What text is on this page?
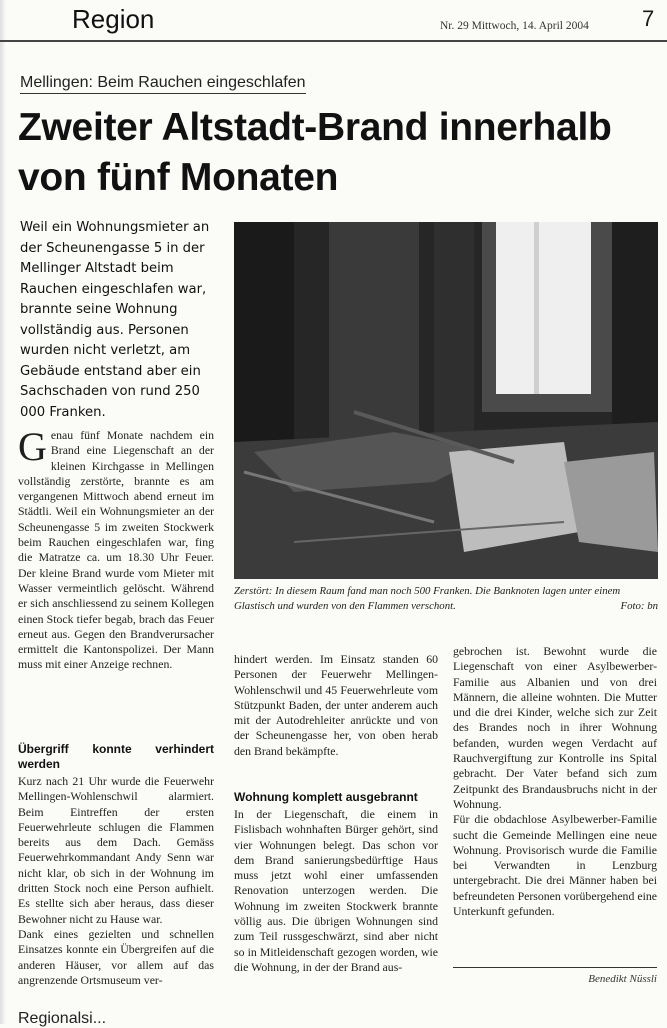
Region	Nr. 29 Mittwoch, 14. April 2004 7
Mellingen: Beim Rauchen eingeschlafen
Zweiter Altstadt-Brand innerhalb von fünf Monaten
Weil ein Wohnungsmieter an der Scheunengasse 5 in der Mellinger Altstadt beim Rauchen eingeschlafen war, brannte seine Wohnung vollständig aus. Personen wurden nicht verletzt, am Gebäude entstand aber ein Sachschaden von rund 250 000 Franken.
Zerstört: In diesem Raum fand man noch 500 Franken. Die Banknoten lagen unter einem Glastisch und wurden von den Flammen verschont.	Foto: bn

Genau fünf Monate nachdem ein Brand eine Liegenschaft an der kleinen Kirchgasse in Mellingen vollständig zerstörte, brannte es am vergangenen Mittwoch abend erneut im Städtli. Weil ein Wohnungsmieter an der Scheunengasse 5 im zweiten Stockwerk beim Rauchen eingeschlafen war, fing die Matratze ca. um 18.30 Uhr Feuer. Der kleine Brand wurde vom Mieter mit Wasser vermeintlich gelöscht. Während er sich anschliessend zu seinem Kollegen einen Stock tiefer begab, brach das Feuer erneut aus. Gegen den Brandverursacher ermittelt die Kantonspolizei. Der Mann muss mit einer Anzeige rechnen.

Übergriff konnte verhindert werden

Kurz nach 21 Uhr wurde die Feuerwehr Mellingen-Wohlenschwil alarmiert. Beim Eintreffen der ersten Feuerwehrleute schlugen die Flammen bereits aus dem Dach. Gemäss Feuerwehrkommandant Andy Senn war nicht klar, ob sich in der Wohnung im dritten Stock noch eine Person aufhielt. Es stellte sich aber heraus, dass dieser Bewohner nicht zu Hause war.

Dank eines gezielten und schnellen Einsatzes konnte ein Übergreifen auf die anderen Häuser, vor allem auf das angrenzende Ortsmuseum ver-

hindert werden. Im Einsatz standen 60 Personen der Feuerwehr Mellingen-Wohlenschwil und 45 Feuerwehrleute vom Stützpunkt Baden, der unter anderem auch mit der Autodrehleiter anrückte und von der Scheunengasse her, von oben herab den Brand bekämpfte.

Wohnung komplett ausgebrannt

In der Liegenschaft, die einem in Fislisbach wohnhaften Bürger gehört, sind vier Wohnungen belegt. Das schon vor dem Brand sanierungsbedürftige Haus muss jetzt wohl einer umfassenden Renovation unterzogen werden. Die Wohnung im zweiten Stockwerk brannte völlig aus. Die übrigen Wohnungen sind zum Teil russgeschwärzt, sind aber nicht so in Mitleidenschaft gezogen worden, wie die Wohnung, in der der Brand aus-

gebrochen ist. Bewohnt wurde die Liegenschaft von einer Asylbewerber-Familie aus Albanien und von drei Männern, die alleine wohnten. Die Mutter und die drei Kinder, welche sich zur Zeit des Brandes noch in ihrer Wohnung befanden, wurden wegen Verdacht auf Rauchvergiftung zur Kontrolle ins Spital gebracht. Der Vater befand sich zum Zeitpunkt des Brandausbruchs nicht in der Wohnung.

Für die obdachlose Asylbewerber-Familie sucht die Gemeinde Mellingen eine neue Wohnung. Provisorisch wurde die Familie bei Verwandten in Lenzburg untergebracht. Die drei Männer haben bei befreundeten Personen vorübergehend eine Unterkunft gefunden.

Benedikt Nüssli
Regionalsi...
